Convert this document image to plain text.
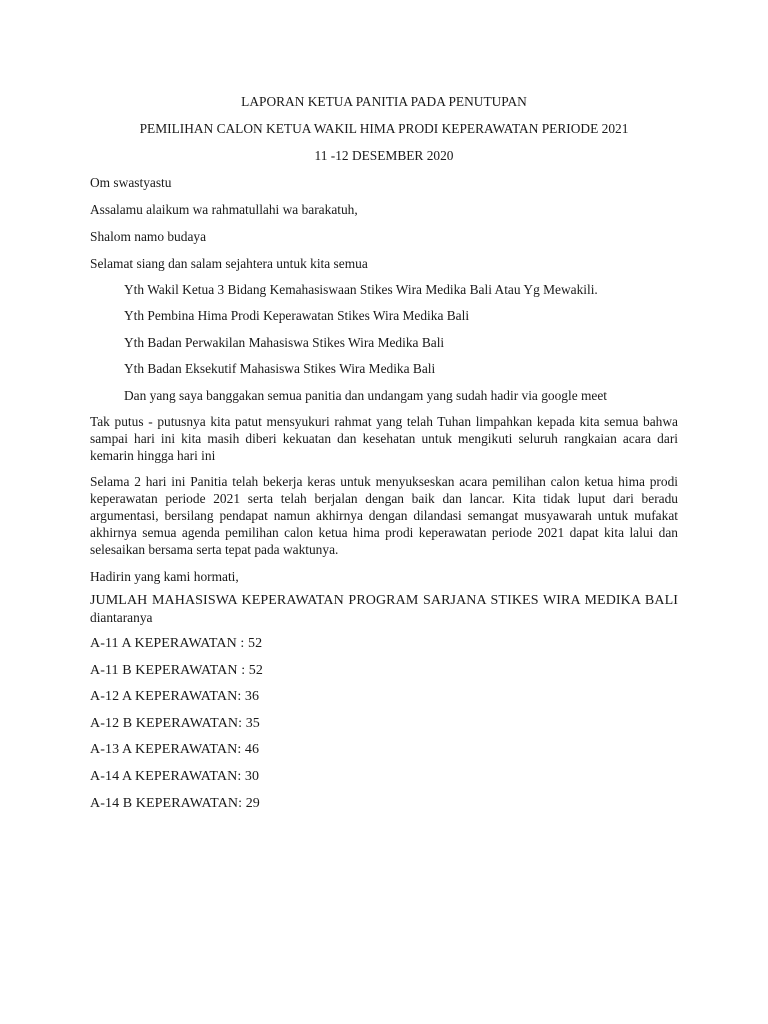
LAPORAN KETUA PANITIA PADA PENUTUPAN
PEMILIHAN CALON KETUA WAKIL HIMA PRODI KEPERAWATAN PERIODE 2021
11 -12 DESEMBER 2020
Om swastyastu
Assalamu alaikum wa rahmatullahi wa barakatuh,
Shalom namo budaya
Selamat siang dan salam sejahtera untuk kita semua
Yth Wakil Ketua 3 Bidang Kemahasiswaan Stikes Wira Medika Bali Atau Yg Mewakili.
Yth Pembina Hima Prodi Keperawatan Stikes Wira Medika Bali
Yth Badan Perwakilan Mahasiswa Stikes Wira Medika Bali
Yth Badan Eksekutif Mahasiswa Stikes Wira Medika Bali
Dan yang saya banggakan semua panitia dan undangam yang sudah hadir via google meet
Tak putus - putusnya kita patut mensyukuri rahmat yang telah Tuhan limpahkan kepada kita semua bahwa sampai hari ini kita masih diberi kekuatan dan kesehatan untuk mengikuti seluruh rangkaian acara dari kemarin hingga hari ini
Selama 2 hari ini Panitia telah bekerja keras untuk menyukseskan acara pemilihan calon ketua hima prodi keperawatan periode 2021 serta telah berjalan dengan baik dan lancar. Kita tidak luput dari beradu argumentasi, bersilang pendapat namun akhirnya dengan dilandasi semangat musyawarah untuk mufakat akhirnya semua agenda pemilihan calon ketua hima prodi keperawatan periode 2021 dapat kita lalui dan selesaikan bersama serta tepat pada waktunya.
Hadirin yang kami hormati,
JUMLAH MAHASISWA KEPERAWATAN PROGRAM SARJANA STIKES WIRA MEDIKA BALI
diantaranya
A-11 A KEPERAWATAN : 52
A-11 B KEPERAWATAN : 52
A-12 A KEPERAWATAN: 36
A-12 B KEPERAWATAN: 35
A-13 A KEPERAWATAN: 46
A-14 A KEPERAWATAN: 30
A-14 B KEPERAWATAN: 29
